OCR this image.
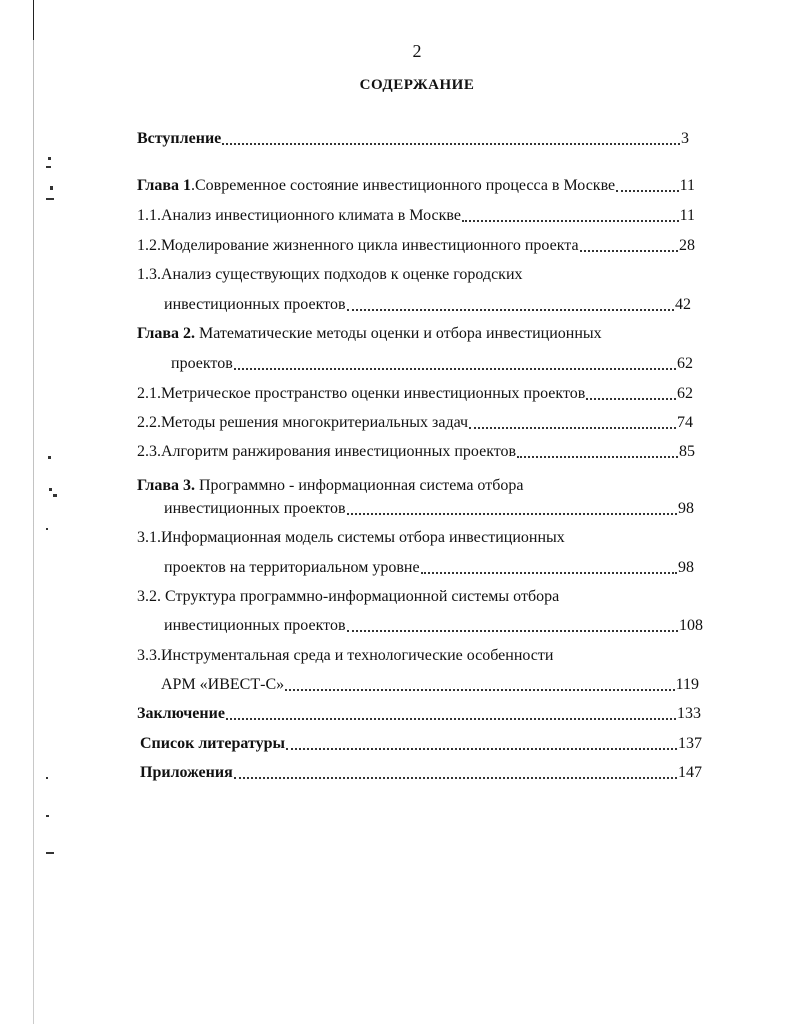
2
СОДЕРЖАНИЕ
Вступление	3
Глава 1 .Современное состояние инвестиционного процесса в Москве	11
1.1.Анализ инвестиционного климата в Москве	11
1.2.Моделирование жизненного цикла инвестиционного проекта	28
1.3.Анализ существующих подходов к оценке городских
инвестиционных проектов	42
Глава 2. Математические методы оценки и отбора инвестиционных
проектов	62
2.1.Метрическое пространство оценки инвестиционных проектов	62
2.2.Методы решения многокритериальных задач	74
2.3.Алгоритм ранжирования инвестиционных проектов	85
Глава 3. Программно - информационная система отбора
инвестиционных проектов	98
3.1.Информационная модель системы отбора инвестиционных
проектов на территориальном уровне	98
3.2. Структура программно-информационной системы отбора
инвестиционных проектов	108
3.3.Инструментальная среда и технологические особенности
АРМ «ИВЕСТ-С»	119
Заключение	133
Список литературы	137
Приложения	147
